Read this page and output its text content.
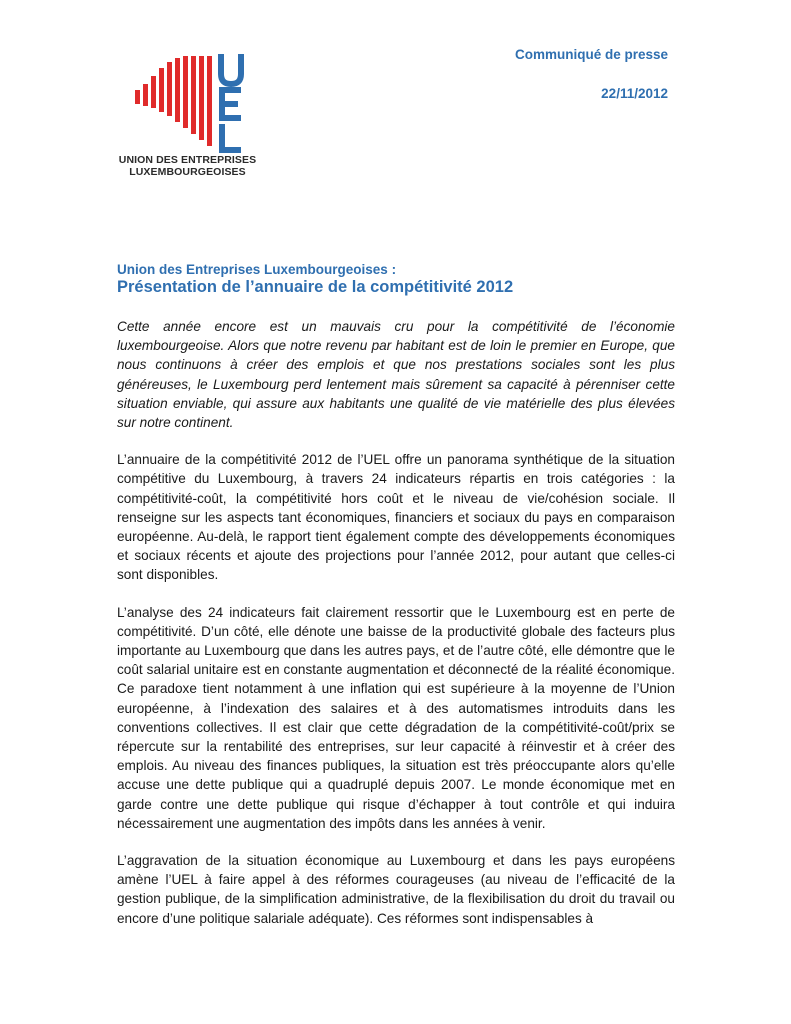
UNION DES ENTREPRISES
LUXEMBOURGEOISES
Communiqué de presse
22/11/2012
Union des Entreprises Luxembourgeoises :
Présentation de l’annuaire de la compétitivité 2012

Cette année encore est un mauvais cru pour la compétitivité de l’économie luxembourgeoise. Alors que notre revenu par habitant est de loin le premier en Europe, que nous continuons à créer des emplois et que nos prestations sociales sont les plus généreuses, le Luxembourg perd lentement mais sûrement sa capacité à pérenniser cette situation enviable, qui assure aux habitants une qualité de vie matérielle des plus élevées sur notre continent.

L’annuaire de la compétitivité 2012 de l’UEL offre un panorama synthétique de la situation compétitive du Luxembourg, à travers 24 indicateurs répartis en trois catégories : la compétitivité-coût, la compétitivité hors coût et le niveau de vie/cohésion sociale. Il renseigne sur les aspects tant économiques, financiers et sociaux du pays en comparaison européenne. Au-delà, le rapport tient également compte des développements économiques et sociaux récents et ajoute des projections pour l’année 2012, pour autant que celles-ci sont disponibles.

L’analyse des 24 indicateurs fait clairement ressortir que le Luxembourg est en perte de compétitivité. D’un côté, elle dénote une baisse de la productivité globale des facteurs plus importante au Luxembourg que dans les autres pays, et de l’autre côté, elle démontre que le coût salarial unitaire est en constante augmentation et déconnecté de la réalité économique. Ce paradoxe tient notamment à une inflation qui est supérieure à la moyenne de l’Union européenne, à l’indexation des salaires et à des automatismes introduits dans les conventions collectives. Il est clair que cette dégradation de la compétitivité-coût/prix se répercute sur la rentabilité des entreprises, sur leur capacité à réinvestir et à créer des emplois. Au niveau des finances publiques, la situation est très préoccupante alors qu’elle accuse une dette publique qui a quadruplé depuis 2007. Le monde économique met en garde contre une dette publique qui risque d’échapper à tout contrôle et qui induira nécessairement une augmentation des impôts dans les années à venir.

L’aggravation de la situation économique au Luxembourg et dans les pays européens amène l’UEL à faire appel à des réformes courageuses (au niveau de l’efficacité de la gestion publique, de la simplification administrative, de la flexibilisation du droit du travail ou encore d’une politique salariale adéquate). Ces réformes sont indispensables à
